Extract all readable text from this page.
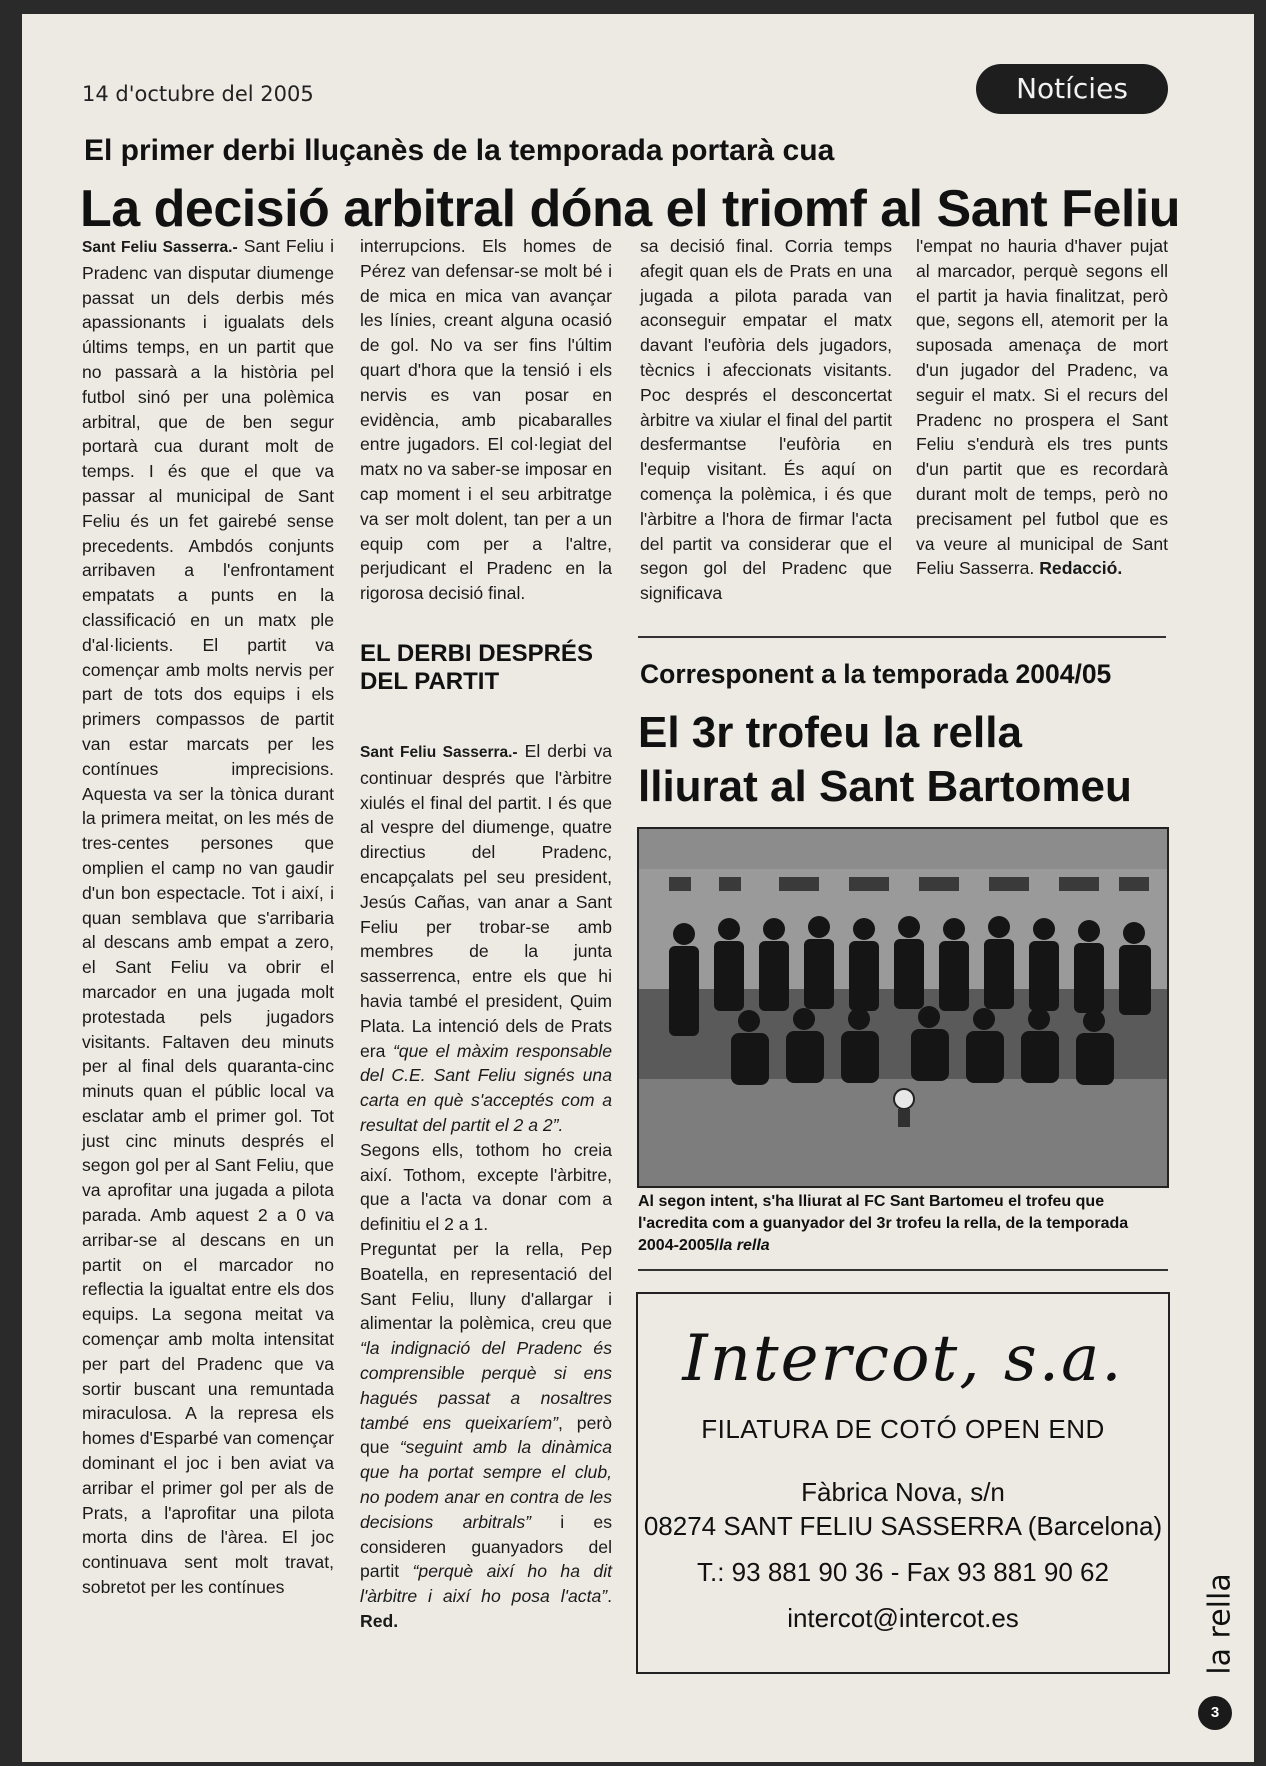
14 d'octubre del 2005	Notícies
El primer derbi lluçanès de la temporada portarà cua
La decisió arbitral dóna el triomf al Sant Feliu

Sant Feliu Sasserra.- Sant Feliu i Pradenc van disputar diumenge passat un dels derbis més apassionants i igualats dels últims temps, en un partit que no passarà a la història pel futbol sinó per una polèmica arbitral, que de ben segur portarà cua durant molt de temps. I és que el que va passar al municipal de Sant Feliu és un fet gairebé sense precedents. Ambdós conjunts arribaven a l'enfrontament empatats a punts en la classificació en un matx ple d'al·licients. El partit va començar amb molts nervis per part de tots dos equips i els primers compassos de partit van estar marcats per les contínues imprecisions. Aquesta va ser la tònica durant la primera meitat, on les més de tres-centes persones que omplien el camp no van gaudir d'un bon espectacle. Tot i així, i quan semblava que s'arribaria al descans amb empat a zero, el Sant Feliu va obrir el marcador en una jugada molt protestada pels jugadors visitants. Faltaven deu minuts per al final dels quaranta-cinc minuts quan el públic local va esclatar amb el primer gol. Tot just cinc minuts després el segon gol per al Sant Feliu, que va aprofitar una jugada a pilota parada. Amb aquest 2 a 0 va arribar-se al descans en un partit on el marcador no reflectia la igualtat entre els dos equips. La segona meitat va començar amb molta intensitat per part del Pradenc que va sortir buscant una remuntada miraculosa. A la represa els homes d'Esparbé van començar dominant el joc i ben aviat va arribar el primer gol per als de Prats, a l'aprofitar una pilota morta dins de l'àrea. El joc continuava sent molt travat, sobretot per les contínues

interrupcions. Els homes de Pérez van defensar-se molt bé i de mica en mica van avançar les línies, creant alguna ocasió de gol. No va ser fins l'últim quart d'hora que la tensió i els nervis es van posar en evidència, amb picabaralles entre jugadors. El col·legiat del matx no va saber-se imposar en cap moment i el seu arbitratge va ser molt dolent, tan per a un equip com per a l'altre, perjudicant el Pradenc en la rigorosa decisió final.

EL DERBI DESPRÉS DEL PARTIT

Sant Feliu Sasserra.- El derbi va continuar després que l'àrbitre xiulés el final del partit. I és que al vespre del diumenge, quatre directius del Pradenc, encapçalats pel seu president, Jesús Cañas, van anar a Sant Feliu per trobar-se amb membres de la junta sasserrenca, entre els que hi havia també el president, Quim Plata. La intenció dels de Prats era “que el màxim responsable del C.E. Sant Feliu signés una carta en què s'acceptés com a resultat del partit el 2 a 2”.

Segons ells, tothom ho creia així. Tothom, excepte l'àrbitre, que a l'acta va donar com a definitiu el 2 a 1.

Preguntat per la rella, Pep Boatella, en representació del Sant Feliu, lluny d'allargar i alimentar la polèmica, creu que “la indignació del Pradenc és comprensible perquè si ens hagués passat a nosaltres també ens queixaríem”, però que “seguint amb la dinàmica que ha portat sempre el club, no podem anar en contra de les decisions arbitrals” i es consideren guanyadors del partit “perquè així ho ha dit l'àrbitre i així ho posa l'acta”. Red.

sa decisió final. Corria temps afegit quan els de Prats en una jugada a pilota parada van aconseguir empatar el matx davant l'eufòria dels jugadors, tècnics i afeccionats visitants. Poc després el desconcertat àrbitre va xiular el final del partit desfermantse l'eufòria en l'equip visitant. És aquí on comença la polèmica, i és que l'àrbitre a l'hora de firmar l'acta del partit va considerar que el segon gol del Pradenc que significava

l'empat no hauria d'haver pujat al marcador, perquè segons ell el partit ja havia finalitzat, però que, segons ell, atemorit per la suposada amenaça de mort d'un jugador del Pradenc, va seguir el matx. Si el recurs del Pradenc no prospera el Sant Feliu s'endurà els tres punts d'un partit que es recordarà durant molt de temps, però no precisament pel futbol que es va veure al municipal de Sant Feliu Sasserra. Redacció.

Corresponent a la temporada 2004/05
El 3r trofeu la rella
lliurat al Sant Bartomeu
Al segon intent, s'ha lliurat al FC Sant Bartomeu el trofeu que l'acredita com a guanyador del 3r trofeu la rella, de la temporada 2004-2005/la rella
Intercot, s.a.
FILATURA DE COTÓ OPEN END
Fàbrica Nova, s/n
08274 SANT FELIU SASSERRA (Barcelona)
T.: 93 881 90 36 - Fax 93 881 90 62
intercot@intercot.es	la rella
3
